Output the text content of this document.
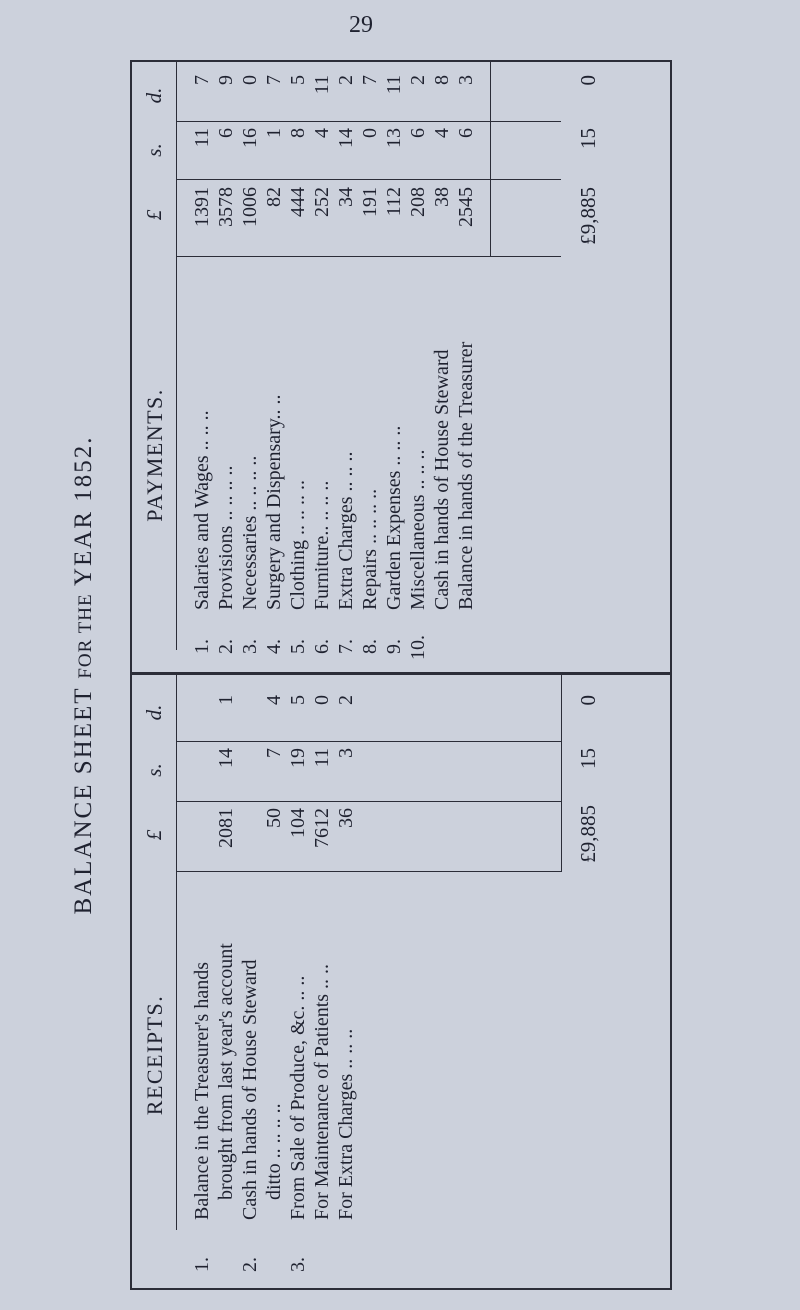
29
BALANCE SHEET FOR THE YEAR 1852.
RECEIPTS.
£
s.
d.
1.
Balance in the Treasurer's hands brought from last year's account
2081
14
1
2.
Cash in hands of House Steward ditto .. .. .. ..
50
7
4
3.
From Sale of Produce, &c. .. ..
104
19
5
For Maintenance of Patients .. ..
7612
11
0
For Extra Charges .. .. ..
36
3
2
£9,885
15
0
PAYMENTS.
£
s.
d.
1.
Salaries and Wages .. .. ..
1391
11
7
2.
Provisions .. .. .. ..
3578
6
9
3.
Necessaries .. .. .. ..
1006
16
0
4.
Surgery and Dispensary.. ..
82
1
7
5.
Clothing .. .. .. ..
444
8
5
6.
Furniture.. .. .. ..
252
4
11
7.
Extra Charges .. .. ..
34
14
2
8.
Repairs .. .. .. ..
191
0
7
9.
Garden Expenses .. .. ..
112
13
11
10.
Miscellaneous .. .. ..
208
6
2
Cash in hands of House Steward
38
4
8
Balance in hands of the Treasurer
2545
6
3
£9,885
15
0
